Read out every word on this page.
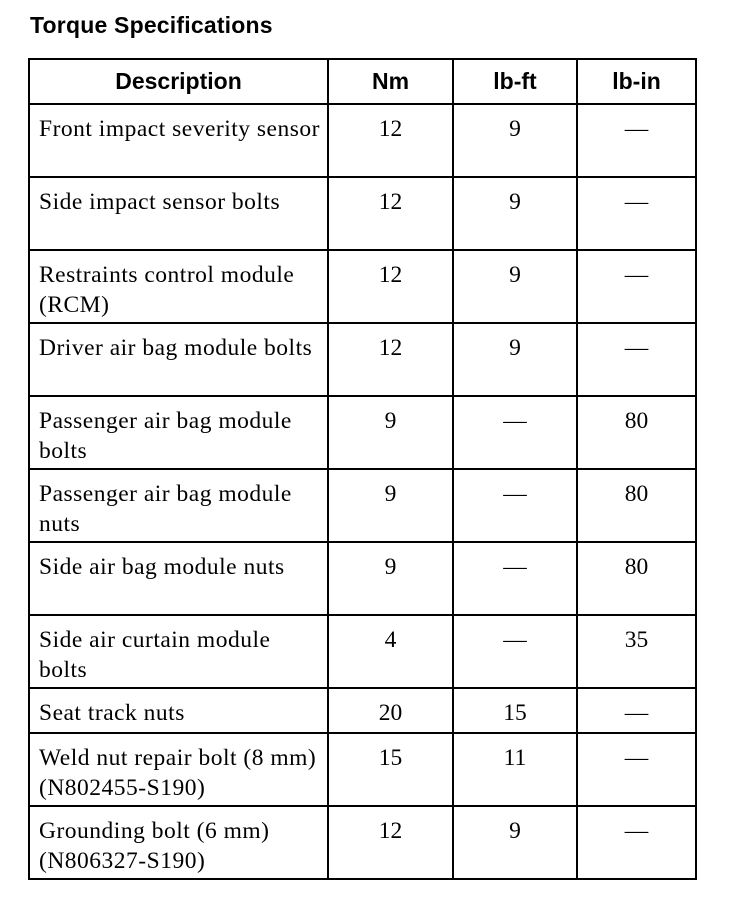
Torque Specifications
Description	Nm	lb-ft	lb-in
Front impact severity sensor	12	9	—
Side impact sensor bolts	12	9	—
Restraints control module (RCM)	12	9	—
Driver air bag module bolts	12	9	—
Passenger air bag module bolts	9	—	80
Passenger air bag module nuts	9	—	80
Side air bag module nuts	9	—	80
Side air curtain module bolts	4	—	35
Seat track nuts	20	15	—
Weld nut repair bolt (8 mm) (N802455-S190)	15	11	—
Grounding bolt (6 mm) (N806327-S190)	12	9	—
